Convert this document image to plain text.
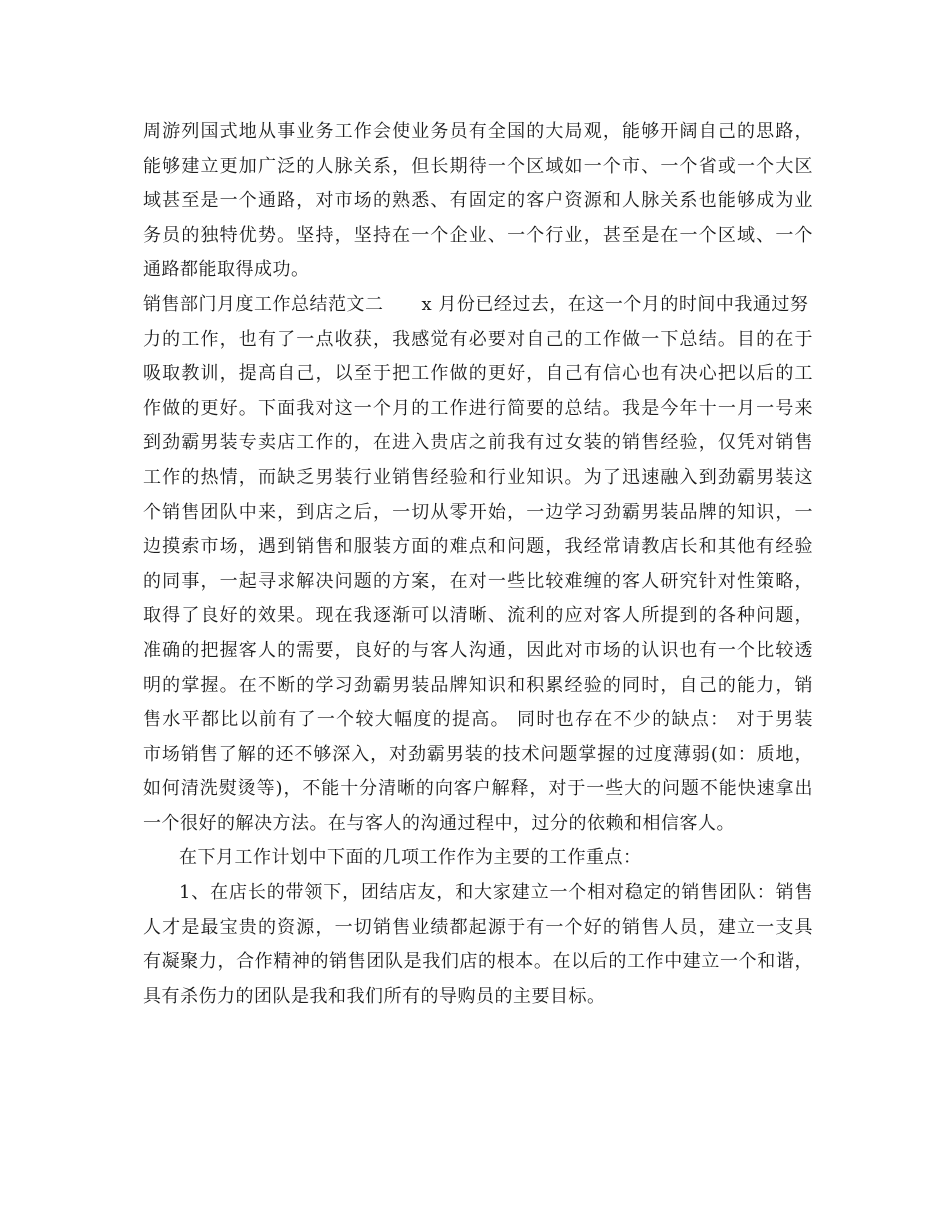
周游列国式地从事业务工作会使业务员有全国的大局观，能够开阔自己的思路，
能够建立更加广泛的人脉关系，但长期待一个区域如一个市、一个省或一个大区
域甚至是一个通路，对市场的熟悉、有固定的客户资源和人脉关系也能够成为业
务员的独特优势。坚持，坚持在一个企业、一个行业，甚至是在一个区域、一个
通路都能取得成功。
销售部门月度工作总结范文二 x 月份已经过去，在这一个月的时间中我通过努
力的工作，也有了一点收获，我感觉有必要对自己的工作做一下总结。目的在于
吸取教训，提高自己，以至于把工作做的更好，自己有信心也有决心把以后的工
作做的更好。下面我对这一个月的工作进行简要的总结。我是今年十一月一号来
到劲霸男装专卖店工作的，在进入贵店之前我有过女装的销售经验，仅凭对销售
工作的热情，而缺乏男装行业销售经验和行业知识。为了迅速融入到劲霸男装这
个销售团队中来，到店之后，一切从零开始，一边学习劲霸男装品牌的知识，一
边摸索市场，遇到销售和服装方面的难点和问题，我经常请教店长和其他有经验
的同事，一起寻求解决问题的方案，在对一些比较难缠的客人研究针对性策略，
取得了良好的效果。现在我逐渐可以清晰、流利的应对客人所提到的各种问题，
准确的把握客人的需要，良好的与客人沟通，因此对市场的认识也有一个比较透
明的掌握。在不断的学习劲霸男装品牌知识和积累经验的同时，自己的能力，销
售水平都比以前有了一个较大幅度的提高。 同时也存在不少的缺点： 对于男装
市场销售了解的还不够深入，对劲霸男装的技术问题掌握的过度薄弱(如：质地，
如何清洗熨烫等)，不能十分清晰的向客户解释，对于一些大的问题不能快速拿出
一个很好的解决方法。在与客人的沟通过程中，过分的依赖和相信客人。
在下月工作计划中下面的几项工作作为主要的工作重点：
1、在店长的带领下，团结店友，和大家建立一个相对稳定的销售团队：销售
人才是最宝贵的资源，一切销售业绩都起源于有一个好的销售人员，建立一支具
有凝聚力，合作精神的销售团队是我们店的根本。在以后的工作中建立一个和谐，
具有杀伤力的团队是我和我们所有的导购员的主要目标。
